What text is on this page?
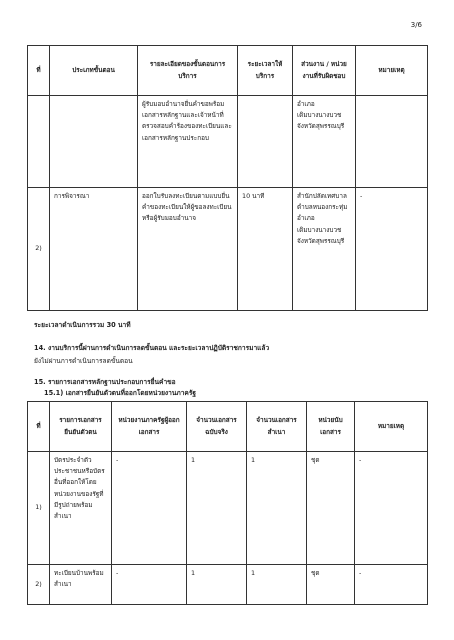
3/6
ที่	ประเภทขั้นตอน	รายละเอียดของขั้นตอนการบริการ	ระยะเวลาให้บริการ	ส่วนงาน / หน่วยงานที่รับผิดชอบ	หมายเหตุ
		ผู้รับมอบอำนาจยื่นคำขอพร้อมเอกสารหลักฐานและเจ้าหน้าที่ตรวจสอบคำร้องของทะเบียนและเอกสารหลักฐานประกอบ		อำเภอเดิมบางนางบวชจังหวัดสุพรรณบุรี	
2)	การพิจารณา	ออกใบรับลงทะเบียนตามแบบยื่นคำของทะเบียนให้ผู้ขอลงทะเบียนหรือผู้รับมอบอำนาจ	10 นาที	สำนักปลัดเทศบาลตำบลหนองกระทุ่มอำเภอเดิมบางนางบวชจังหวัดสุพรรณบุรี	-
ระยะเวลาดำเนินการรวม 30 นาที
14. งานบริการนี้ผ่านการดำเนินการลดขั้นตอน และระยะเวลาปฏิบัติราชการมาแล้ว
ยังไม่ผ่านการดำเนินการลดขั้นตอน
15. รายการเอกสารหลักฐานประกอบการยื่นคำขอ
15.1) เอกสารยืนยันตัวตนที่ออกโดยหน่วยงานภาครัฐ
ที่	รายการเอกสารยืนยันตัวตน	หน่วยงานภาครัฐผู้ออกเอกสาร	จำนวนเอกสารฉบับจริง	จำนวนเอกสารสำเนา	หน่วยนับเอกสาร	หมายเหตุ
1)	บัตรประจำตัวประชาชนหรือบัตรอื่นที่ออกให้โดยหน่วยงานของรัฐที่มีรูปถ่ายพร้อมสำเนา	-	1	1	ชุด	-
2)	ทะเบียนบ้านพร้อมสำเนา	-	1	1	ชุด	-
